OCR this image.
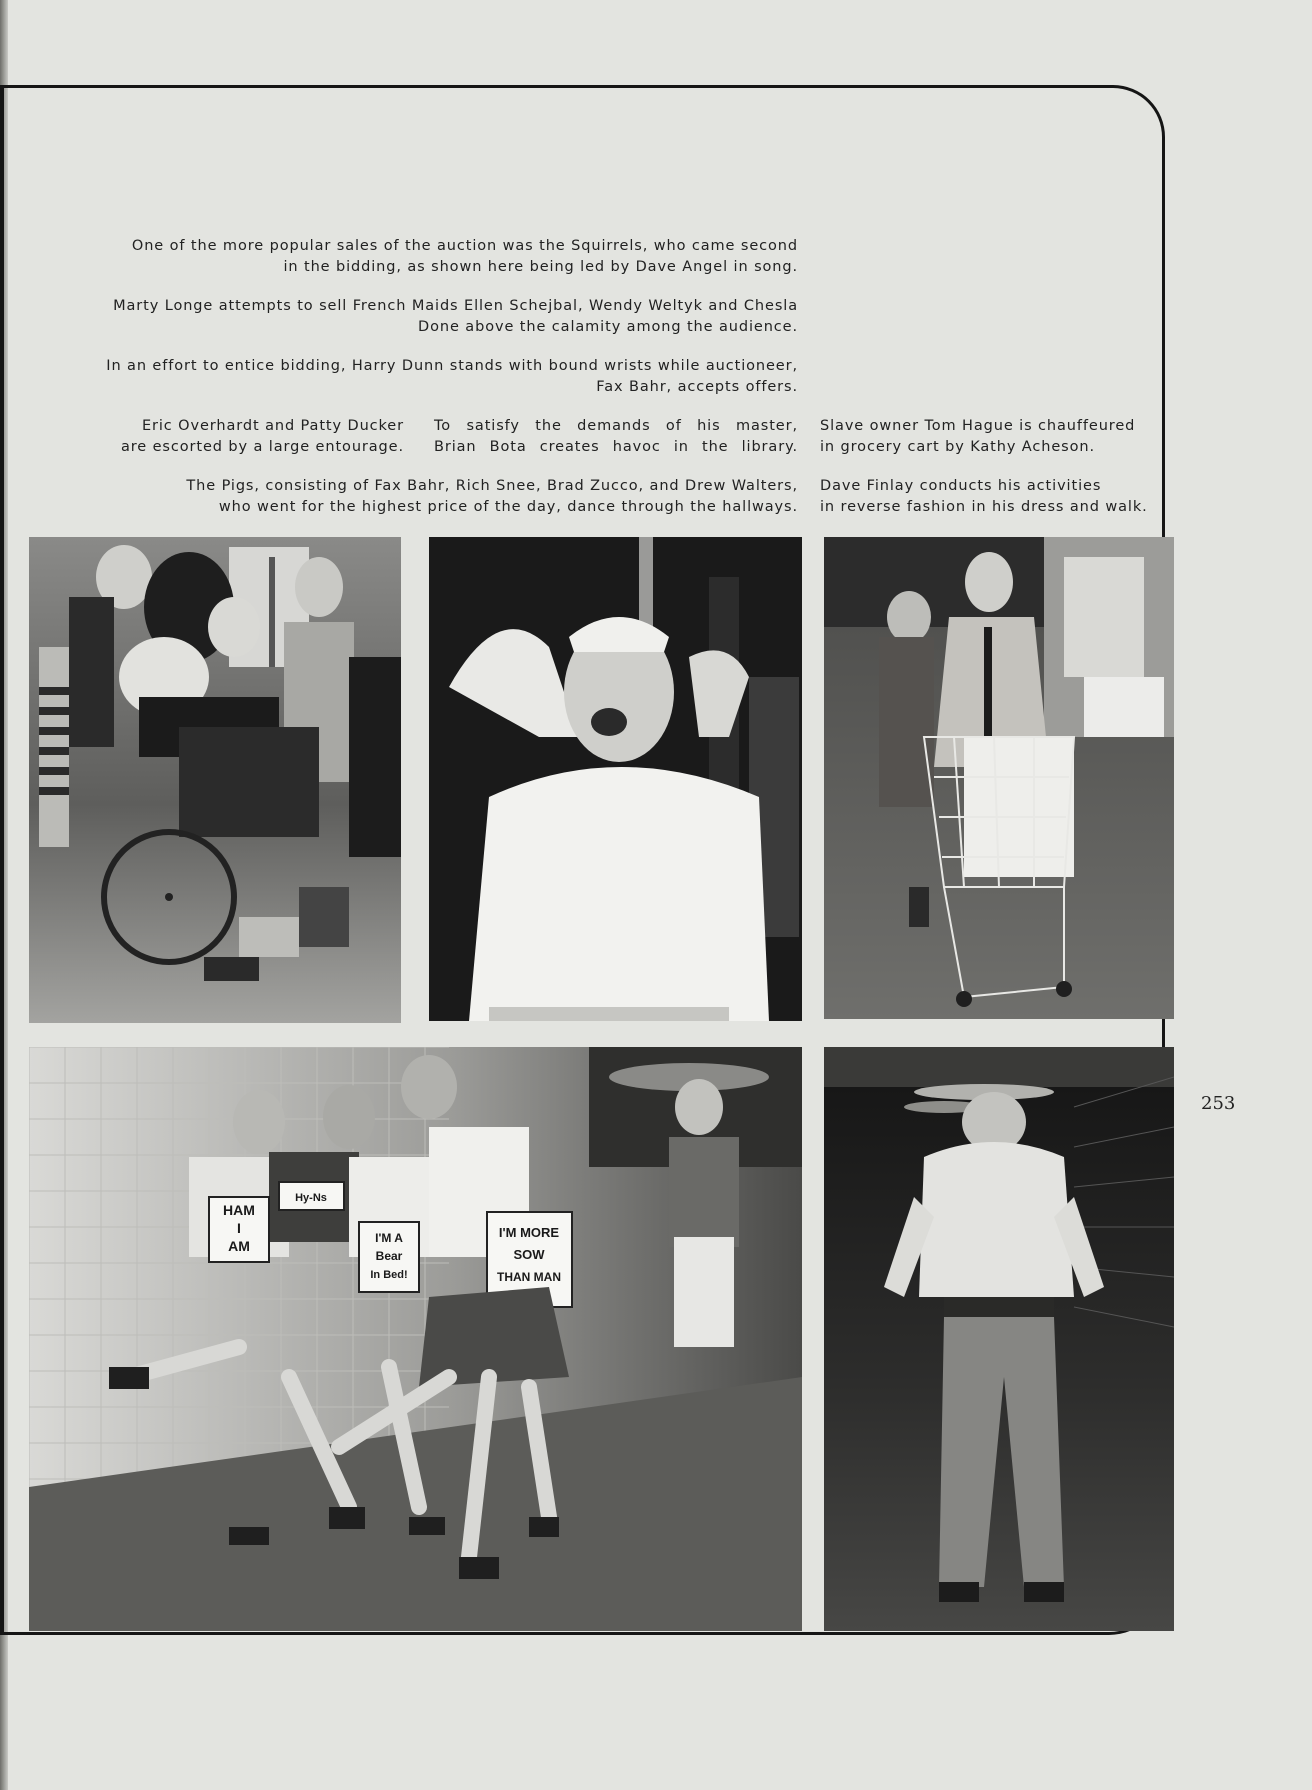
One of the more popular sales of the auction was the Squirrels, who came second
in the bidding, as shown here being led by Dave Angel in song.
Marty Longe attempts to sell French Maids Ellen Schejbal, Wendy Weltyk and Chesla
Done above the calamity among the audience.
In an effort to entice bidding, Harry Dunn stands with bound wrists while auctioneer,
Fax Bahr, accepts offers.
Eric Overhardt and Patty Ducker
are escorted by a large entourage.
To satisfy the demands of his master,
Brian Bota creates havoc in the library.
Slave owner Tom Hague is chauffeured
in grocery cart by Kathy Acheson.
The Pigs, consisting of Fax Bahr, Rich Snee, Brad Zucco, and Drew Walters,
who went for the highest price of the day, dance through the hallways.
Dave Finlay conducts his activities
in reverse fashion in his dress and walk.
HAM
I
AM
Hy-Ns
I'M A
Bear
In Bed!
I'M MORE
SOW
THAN MAN
253
